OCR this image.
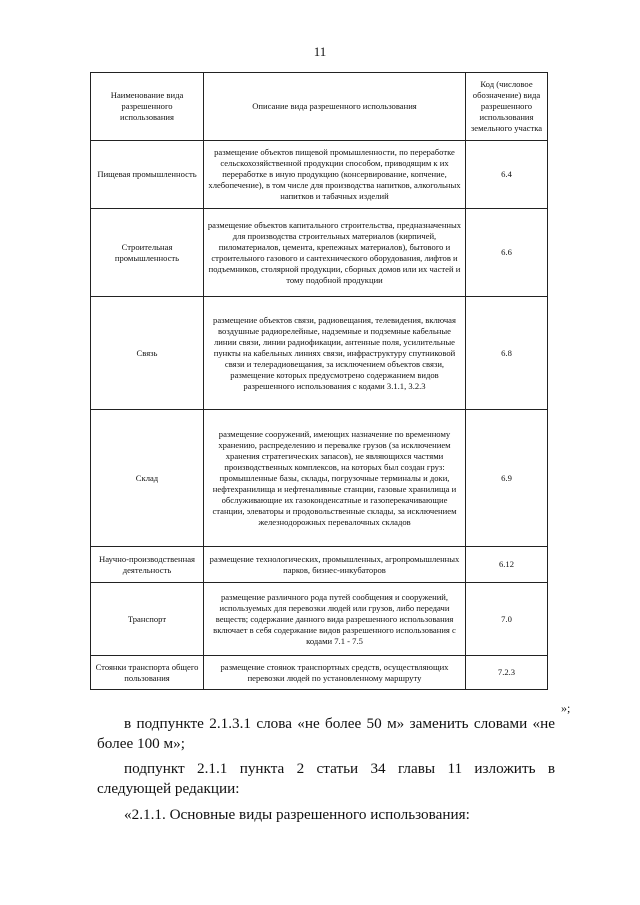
11
Наименование вида разрешенного использования	Описание вида разрешенного использования	Код (числовое обозначение) вида разрешенного использования земельного участка
Пищевая промышленность	размещение объектов пищевой промышленности, по переработке сельскохозяйственной продукции способом, приводящим к их переработке в иную продукцию (консервирование, копчение, хлебопечение), в том числе для производства напитков, алкогольных напитков и табачных изделий	6.4
Строительная промышленность	размещение объектов капитального строительства, предназначенных для производства строительных материалов (кирпичей, пиломатериалов, цемента, крепежных материалов), бытового и строительного газового и сантехнического оборудования, лифтов и подъемников, столярной продукции, сборных домов или их частей и тому подобной продукции	6.6
Связь	размещение объектов связи, радиовещания, телевидения, включая воздушные радиорелейные, надземные и подземные кабельные линии связи, линии радиофикации, антенные поля, усилительные пункты на кабельных линиях связи, инфраструктуру спутниковой связи и телерадиовещания, за исключением объектов связи, размещение которых предусмотрено содержанием видов разрешенного использования с кодами 3.1.1, 3.2.3	6.8
Склад	размещение сооружений, имеющих назначение по временному хранению, распределению и перевалке грузов (за исключением хранения стратегических запасов), не являющихся частями производственных комплексов, на которых был создан груз: промышленные базы, склады, погрузочные терминалы и доки, нефтехранилища и нефтеналивные станции, газовые хранилища и обслуживающие их газоконденсатные и газоперекачивающие станции, элеваторы и продовольственные склады, за исключением железнодорожных перевалочных складов	6.9
Научно-производственная деятельность	размещение технологических, промышленных, агропромышленных парков, бизнес-инкубаторов	6.12
Транспорт	размещение различного рода путей сообщения и сооружений, используемых для перевозки людей или грузов, либо передачи веществ; содержание данного вида разрешенного использования включает в себя содержание видов разрешенного использования с кодами 7.1 - 7.5	7.0
Стоянки транспорта общего пользования	размещение стоянок транспортных средств, осуществляющих перевозки людей по установленному маршруту	7.2.3
»;

в подпункте 2.1.3.1 слова «не более 50 м» заменить словами «не более 100 м»;

подпункт 2.1.1 пункта 2 статьи 34 главы 11 изложить в следующей редакции:

«2.1.1. Основные виды разрешенного использования:
